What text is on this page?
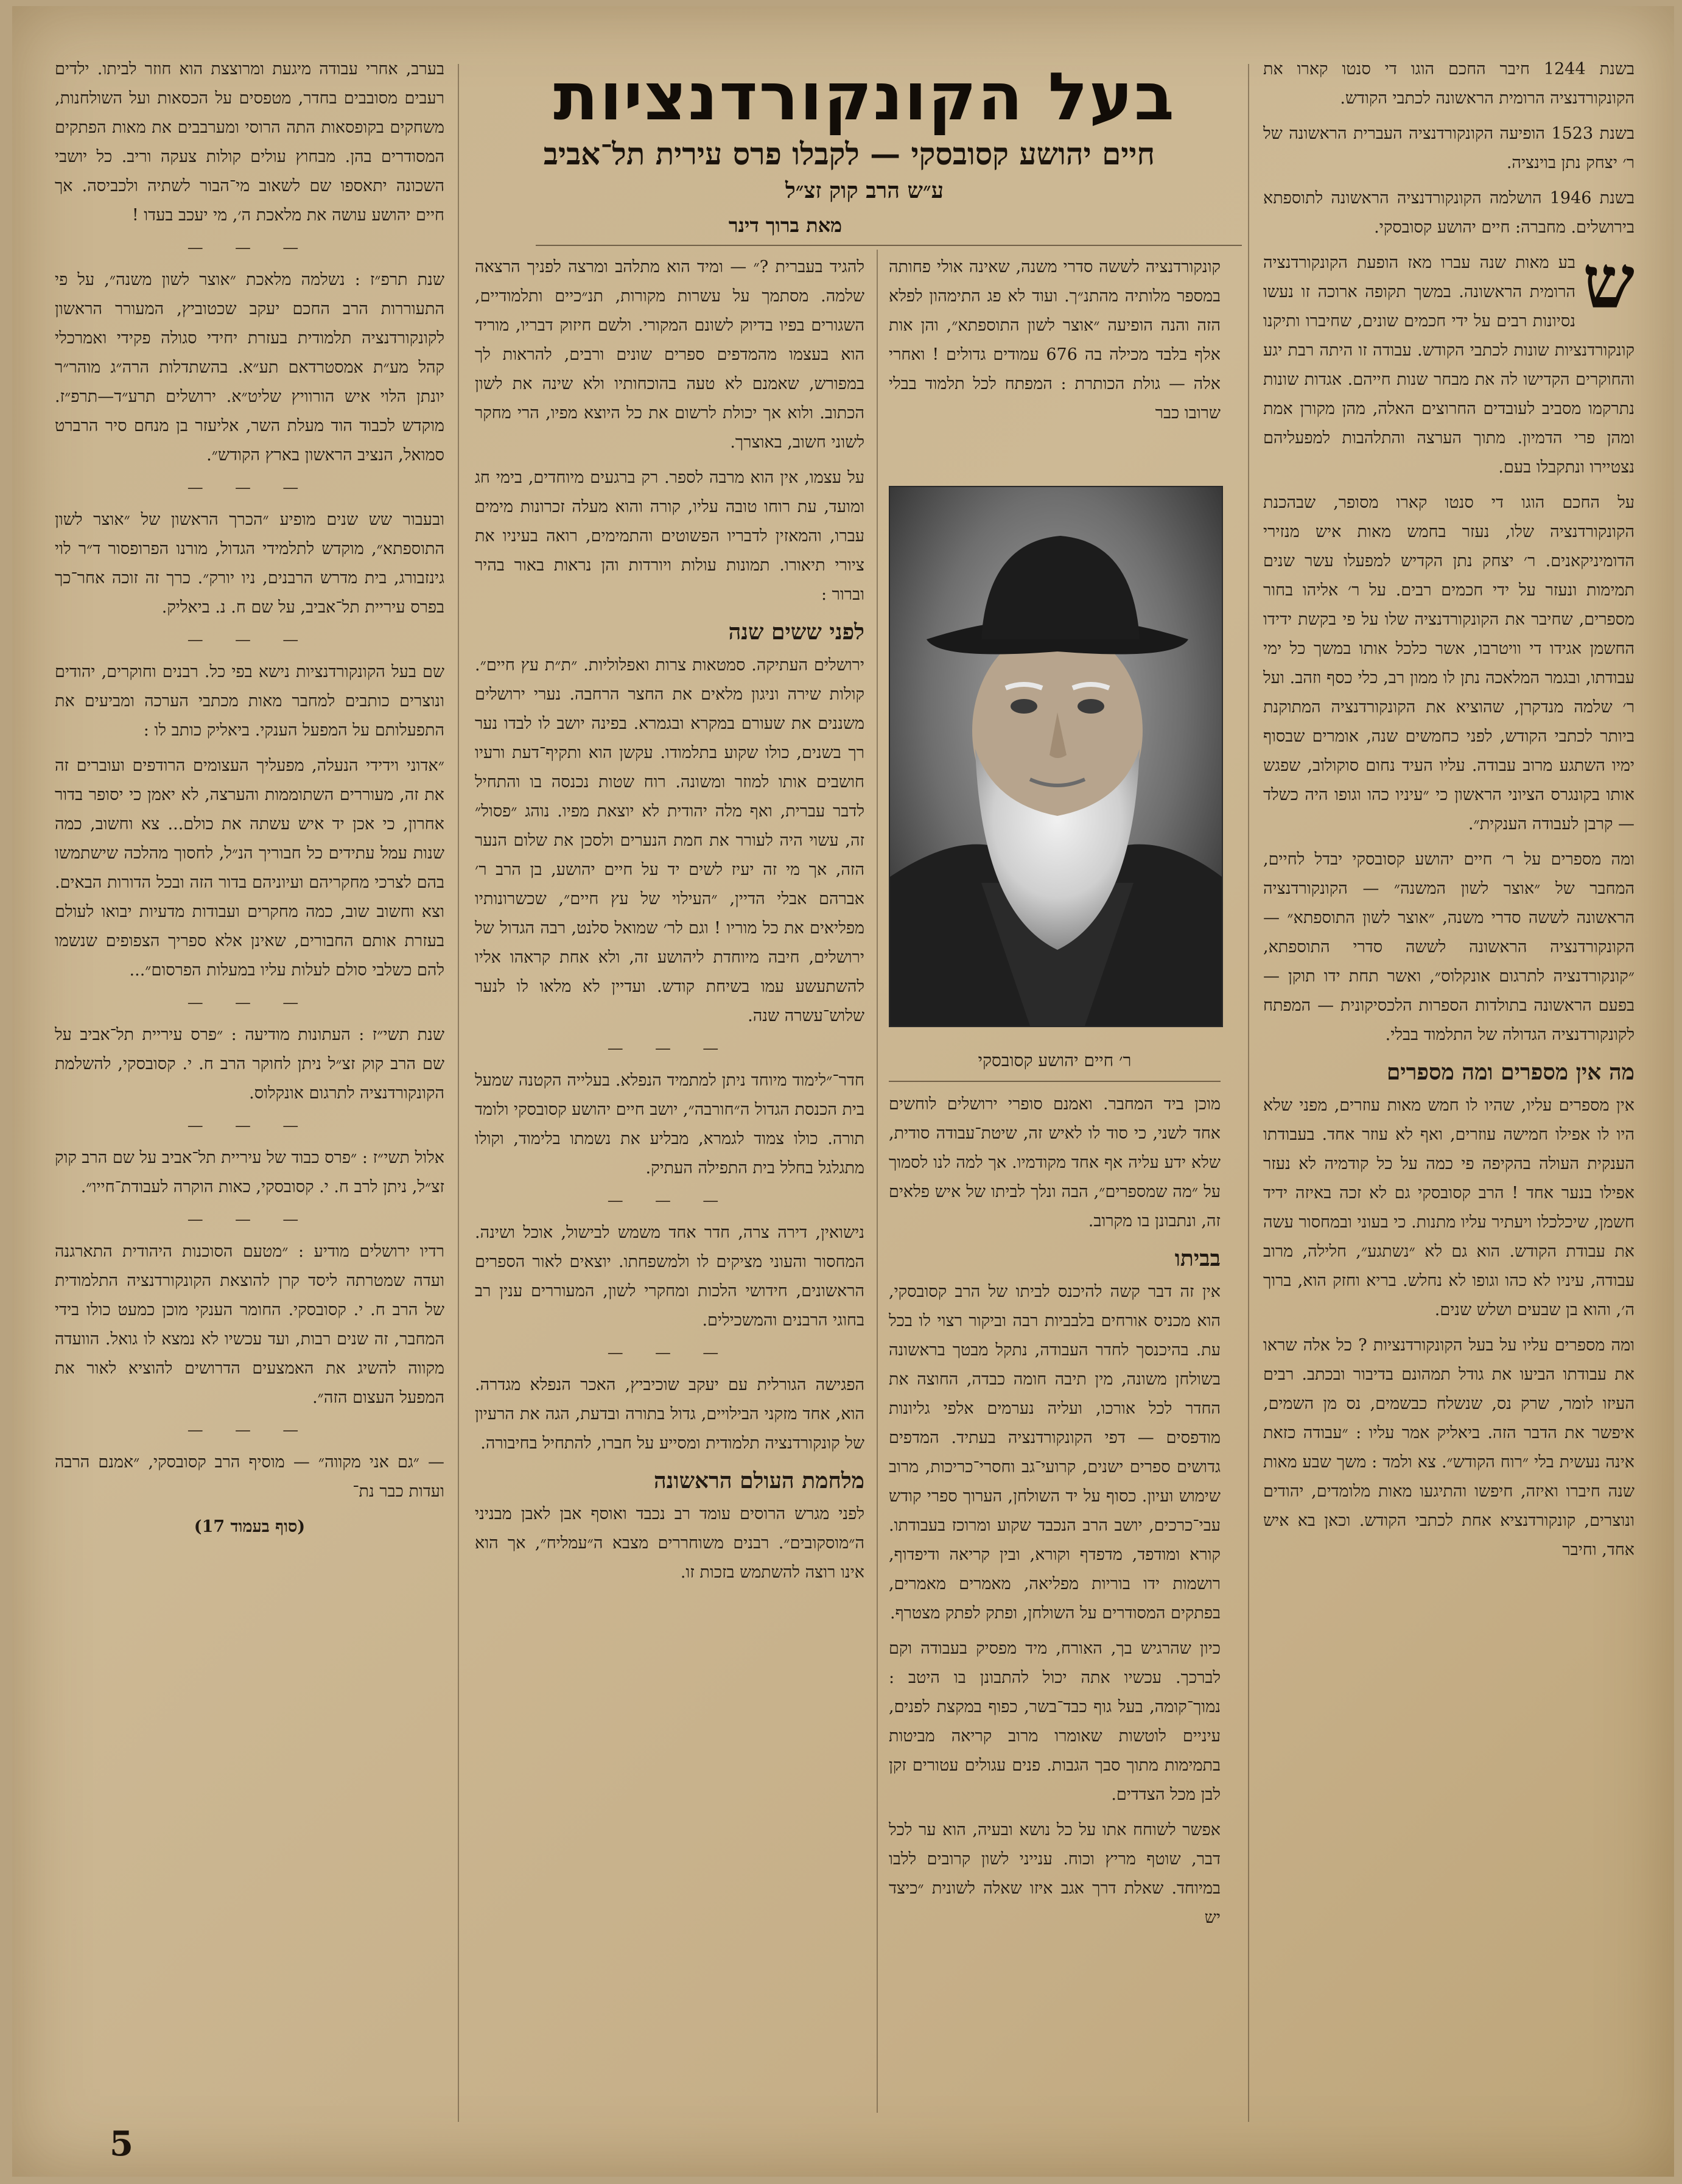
בעל הקונקורדנציות
חיים יהושע קסובסקי — לקבלו פרס עירית תל־אביב
ע״ש הרב קוק זצ״ל
מאת ברוך דינר

בשנת 1244 חיבר החכם הוגו די סנטו קארו את הקונקורדנציה הרומית הראשונה לכתבי הקודש.

בשנת 1523 הופיעה הקונקורדנציה העברית הראשונה של ר׳ יצחק נתן בוינציה.

בשנת 1946 הושלמה הקונקורדנציה הראשונה לתוספתא בירושלים. מחברה: חיים יהושע קסובסקי.

ש
בע מאות שנה עברו מאז הופעת הקונקורדנציה הרומית הראשונה. במשך תקופה ארוכה זו נעשו נסיונות רבים על ידי חכמים שונים, שחיברו ותיקנו קונקורדנציות שונות לכתבי הקודש. עבודה זו היתה רבת יגע והחוקרים הקדישו לה את מבחר שנות חייהם. אגדות שונות נתרקמו מסביב לעובדים החרוצים האלה, מהן מקורן אמת ומהן פרי הדמיון. מתוך הערצה והתלהבות למפעליהם נצטיירו ונתקבלו בעם.

על החכם הוגו די סנטו קארו מסופר, שבהכנת הקונקורדנציה שלו, נעזר בחמש מאות איש מנזירי הדומיניקאנים. ר׳ יצחק נתן הקדיש למפעלו עשר שנים תמימות ונעזר על ידי חכמים רבים. על ר׳ אליהו בחור מספרים, שחיבר את הקונקורדנציה שלו על פי בקשת ידידו החשמן אגידו די וויטרבו, אשר כלכל אותו במשך כל ימי עבודתו, ובגמר המלאכה נתן לו ממון רב, כלי כסף וזהב. ועל ר׳ שלמה מנדקרן, שהוציא את הקונקורדנציה המתוקנת ביותר לכתבי הקודש, לפני כחמשים שנה, אומרים שבסוף ימיו השתגע מרוב עבודה. עליו העיד נחום סוקולוב, שפגש אותו בקונגרס הציוני הראשון כי ״עיניו כהו וגופו היה כשלד — קרבן לעבודה הענקית״.

ומה מספרים על ר׳ חיים יהושע קסובסקי יבדל לחיים, המחבר של ״אוצר לשון המשנה״ — הקונקורדנציה הראשונה לששה סדרי משנה, ״אוצר לשון התוספתא״ — הקונקורדנציה הראשונה לששה סדרי התוספתא, ״קונקורדנציה לתרגום אונקלוס״, ואשר תחת ידו תוקן — בפעם הראשונה בתולדות הספרות הלכסיקונית — המפתח לקונקורדנציה הגדולה של התלמוד בבלי.

מה אין מספרים ומה מספרים

אין מספרים עליו, שהיו לו חמש מאות עוזרים, מפני שלא היו לו אפילו חמישה עוזרים, ואף לא עוזר אחד. בעבודתו הענקית העולה בהקיפה פי כמה על כל קודמיה לא נעזר אפילו בנער אחד ! הרב קסובסקי גם לא זכה באיזה ידיד חשמן, שיכלכלו ויעתיר עליו מתנות. כי בעוני ובמחסור עשה את עבודת הקודש. הוא גם לא ״נשתגע״, חלילה, מרוב עבודה, עיניו לא כהו וגופו לא נחלש. בריא וחזק הוא, ברוך ה׳, והוא בן שבעים ושלש שנים.

ומה מספרים עליו על בעל הקונקורדנציות ? כל אלה שראו את עבודתו הביעו את גודל תמהונם בדיבור ובכתב. רבים העיזו לומר, שרק נס, שנשלח כבשמים, נס מן השמים, איפשר את הדבר הזה. ביאליק אמר עליו : ״עבודה כזאת אינה נעשית בלי ״רוח הקודש״. צא ולמד : משך שבע מאות שנה חיברו ואיזה, חיפשו והתיגעו מאות מלומדים, יהודים ונוצרים, קונקורדנציא אחת לכתבי הקודש. וכאן בא איש אחד, וחיבר

קונקורדנציה לששה סדרי משנה, שאינה אולי פחותה במספר מלותיה מהתנ״ך. ועוד לא פג התימהון לפלא הזה והנה הופיעה ״אוצר לשון התוספתא״, והן אות אלף בלבד מכילה בה 676 עמודים גדולים ! ואחרי אלה — גולת הכותרת : המפתח לכל תלמוד בבלי שרובו כבר

ר׳ חיים יהושע קסובסקי

מוכן ביד המחבר. ואמנם סופרי ירושלים לוחשים אחד לשני, כי סוד לו לאיש זה, שיטת־עבודה סודית, שלא ידע עליה אף אחד מקודמיו. אך למה לנו לסמוך על ״מה שמספרים״, הבה ונלך לביתו של איש פלאים זה, ונתבונן בו מקרוב.

בביתו

אין זה דבר קשה להיכנס לביתו של הרב קסובסקי, הוא מכניס אורחים בלבביות רבה וביקור רצוי לו בכל עת. בהיכנסך לחדר העבודה, נתקל מבטך בראשונה בשולחן משונה, מין תיבה חומה כבדה, החוצה את החדר לכל אורכו, ועליה נערמים אלפי גליונות מודפסים — דפי הקונקורדנציה בעתיד. המדפים גדושים ספרים ישנים, קרועי־גב וחסרי־כריכות, מרוב שימוש ועיון. כסוף על יד השולחן, הערוך ספרי קודש עבי־כרכים, יושב הרב הנכבד שקוע ומרוכז בעבודתו. קורא ומודפד, מדפדף וקורא, ובין קריאה ודיפדוף, רושמות ידו בוריות מפליאה, מאמרים מאמרים, בפתקים המסודרים על השולחן, ופתק לפתק מצטרף.

כיון שהרגיש בך, האורח, מיד מפסיק בעבודה וקם לברכך. עכשיו אתה יכול להתבונן בו היטב : נמוך־קומה, בעל גוף כבד־בשר, כפוף במקצת לפנים, עיניים לוטשות שאומרו מרוב קריאה מביטות בתמימות מתוך סבך הגבות. פנים עגולים עטורים זקן לבן מכל הצדדים.

אפשר לשוחח אתו על כל נושא ובעיה, הוא ער לכל דבר, שוטף מריץ וכוח. ענייני לשון קרובים ללבו במיוחד. שאלת דרך אגב איזו שאלה לשונית ״כיצד יש

להגיד בעברית ?״ — ומיד הוא מתלהב ומרצה לפניך הרצאה שלמה. מסתמך על עשרות מקורות, תנ״כיים ותלמודיים, השגורים בפיו בדיוק לשונם המקורי. ולשם חיזוק דבריו, מוריד הוא בעצמו מהמדפים ספרים שונים ורבים, להראות לך במפורש, שאמנם לא טעה בהוכחותיו ולא שינה את לשון הכתוב. ולוא אך יכולת לרשום את כל היוצא מפיו, הרי מחקר לשוני חשוב, באוצרך.

על עצמו, אין הוא מרבה לספר. רק ברגעים מיוחדים, בימי חג ומועד, עת רוחו טובה עליו, קורה והוא מעלה זכרונות מימים עברו, והמאזין לדבריו הפשוטים והתמימים, רואה בעיניו את ציורי תיאורו. תמונות עולות ויורדות והן נראות באור בהיר וברור :

לפני ששים שנה

ירושלים העתיקה. סמטאות צרות ואפלוליות. ״ת״ת עץ חיים״. קולות שירה וניגון מלאים את החצר הרחבה. נערי ירושלים משננים את שעורם במקרא ובגמרא. בפינה יושב לו לבדו נער רך בשנים, כולו שקוע בתלמודו. עקשן הוא ותקיף־דעת ורעיו חושבים אותו למוזר ומשונה. רוח שטות נכנסה בו והתחיל לדבר עברית, ואף מלה יהודית לא יוצאת מפיו. נוהג ״פסול״ זה, עשוי היה לעורר את חמת הנערים ולסכן את שלום הנער הזה, אך מי זה יעיז לשים יד על חיים יהושע, בן הרב ר׳ אברהם אבלי הדיין, ״העילוי של עץ חיים״, שכשרונותיו מפליאים את כל מוריו ! וגם לר׳ שמואל סלנט, רבה הגדול של ירושלים, חיבה מיוחדת ליהושע זה, ולא אחת קראהו אליו להשתעשע עמו בשיחת קודש. ועדיין לא מלאו לו לנער שלוש־עשרה שנה.

— — —

חדר־״לימוד מיוחד ניתן למתמיד הנפלא. בעלייה הקטנה שמעל בית הכנסת הגדול ה״חורבה״, יושב חיים יהושע קסובסקי ולומד תורה. כולו צמוד לגמרא, מבליע את נשמתו בלימוד, וקולו מתגלגל בחלל בית התפילה העתיק.

— — —

נישואין, דירה צרה, חדר אחד משמש לבישול, אוכל ושינה. המחסור והעוני מציקים לו ולמשפחתו. יוצאים לאור הספרים הראשונים, חידושי הלכות ומחקרי לשון, המעוררים ענין רב בחוגי הרבנים והמשכילים.

— — —

הפגישה הגורלית עם יעקב שוכיביץ, האכר הנפלא מגדרה. הוא, אחד מזקני הבילויים, גדול בתורה ובדעת, הגה את הרעיון של קונקורדנציה תלמודית ומסייע על חברו, להתחיל בחיבורה.

מלחמת העולם הראשונה

לפני מגרש הרוסים עומד רב נכבד ואוסף אבן לאבן מבניני ה״מוסקובים״. רבנים משוחררים מצבא ה״עמליח״, אך הוא אינו רוצה להשתמש בזכות זו.

בערב, אחרי עבודה מיגעת ומרוצצת הוא חוזר לביתו. ילדים רעבים מסובבים בחדר, מטפסים על הכסאות ועל השולחנות, משחקים בקופסאות התה הרוסי ומערבבים את מאות הפתקים המסודרים בהן. מבחוץ עולים קולות צעקה וריב. כל יושבי השכונה יתאספו שם לשאוב מי־הבור לשתיה ולכביסה. אך חיים יהושע עושה את מלאכת ה׳, מי יעכב בעדו !

— — —

שנת תרפ״ז : נשלמה מלאכת ״אוצר לשון משנה״, על פי התעוררות הרב החכם יעקב שכטוביץ, המעורר הראשון לקונקורדנציה תלמודית בעזרת יחידי סגולה פקידי ואמרכלי קהל מע״ת אמסטרדאם תע״א. בהשתדלות הרה״ג מוהר״ר יונתן הלוי איש הורוויץ שליט״א. ירושלים תרע״ד—תרפ״ז. מוקדש לכבוד הוד מעלת השר, אליעזר בן מנחם סיר הרברט סמואל, הנציב הראשון בארץ הקודש״.

— — —

ובעבור שש שנים מופיע ״הכרך הראשון של ״אוצר לשון התוספתא״, מוקדש לתלמידי הגדול, מורנו הפרופסור ד״ר לוי גינזבורג, בית מדרש הרבנים, ניו יורק״. כרך זה זוכה אחר־כך בפרס עיריית תל־אביב, על שם ח. נ. ביאליק.

— — —

שם בעל הקונקורדנציות נישא בפי כל. רבנים וחוקרים, יהודים ונוצרים כותבים למחבר מאות מכתבי הערכה ומביעים את התפעלותם על המפעל הענקי. ביאליק כותב לו :

״אדוני וידידי הנעלה, מפעליך העצומים הרודפים ועוברים זה את זה, מעוררים השתוממות והערצה, לא יאמן כי יסופר בדור אחרון, כי אכן יד איש עשתה את כולם... צא וחשוב, כמה שנות עמל עתידים כל חבוריך הנ״ל, לחסוך מהלכה שישתמשו בהם לצרכי מחקריהם ועיוניהם בדור הזה ובכל הדורות הבאים. וצא וחשוב שוב, כמה מחקרים ועבודות מדעיות יבואו לעולם בעזרת אותם החבורים, שאינן אלא ספריך הצפופים שנשמו להם כשלבי סולם לעלות עליו במעלות הפרסום״...

— — —

שנת תשי״ז : העתונות מודיעה : ״פרס עיריית תל־אביב על שם הרב קוק זצ״ל ניתן לחוקר הרב ח. י. קסובסקי, להשלמת הקונקורדנציה לתרגום אונקלוס.

— — —

אלול תשי״ז : ״פרס כבוד של עיריית תל־אביב על שם הרב קוק זצ״ל, ניתן לרב ח. י. קסובסקי, כאות הוקרה לעבודת־חייו״.

— — —

רדיו ירושלים מודיע : ״מטעם הסוכנות היהודית התארגנה ועדה שמטרתה ליסד קרן להוצאת הקונקורדנציה התלמודית של הרב ח. י. קסובסקי. החומר הענקי מוכן כמעט כולו בידי המחבר, זה שנים רבות, ועד עכשיו לא נמצא לו גואל. הוועדה מקווה להשיג את האמצעים הדרושים להוציא לאור את המפעל העצום הזה״.

— — —

— ״גם אני מקווה״ — מוסיף הרב קסובסקי, ״אמנם הרבה ועדות כבר נת־

(סוף בעמוד 17)

5
